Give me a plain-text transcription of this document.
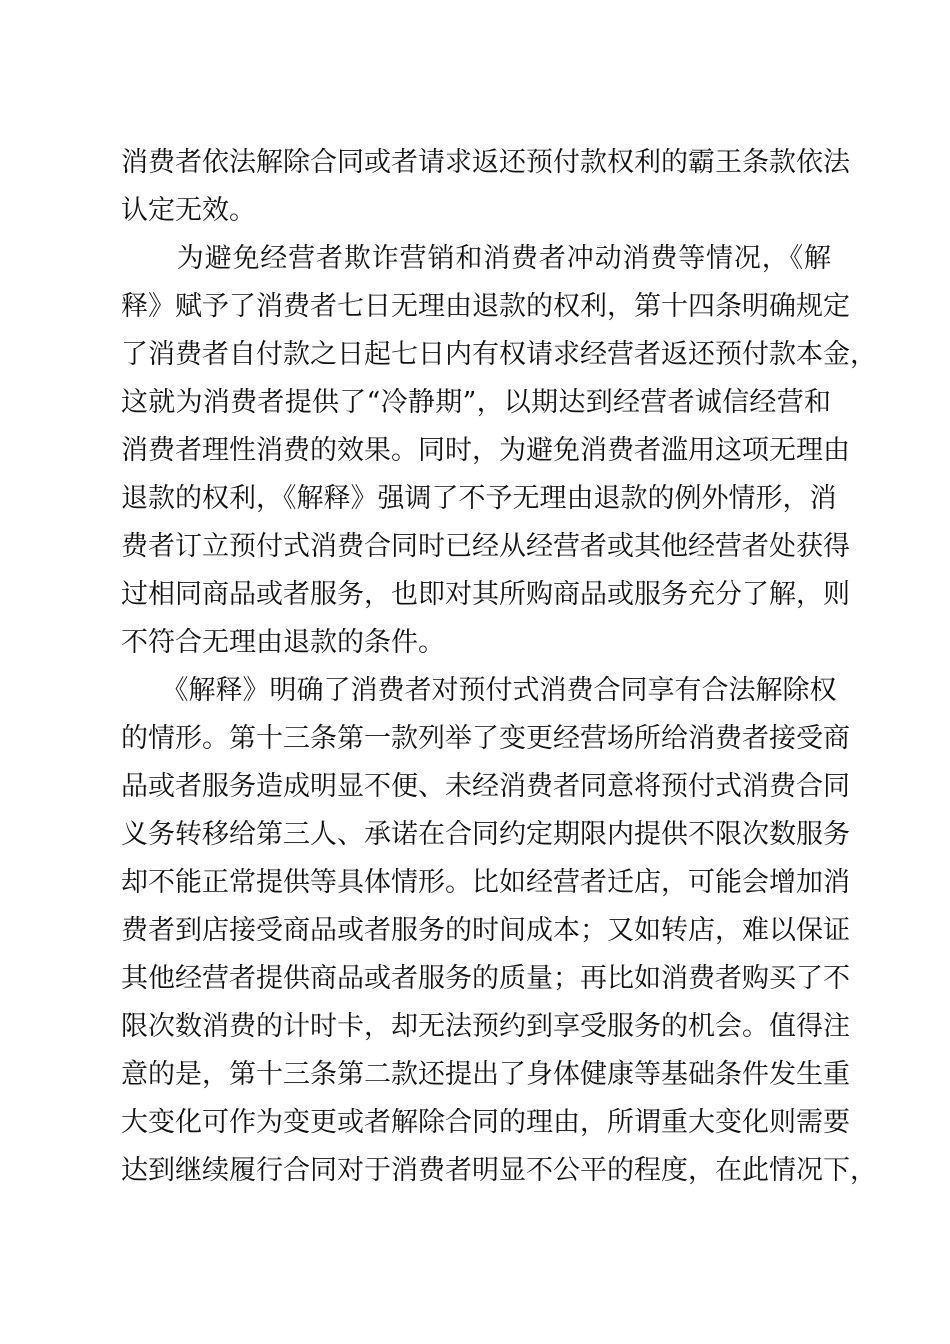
消费者依法解除合同或者请求返还预付款权利的霸王条款依法
认定无效。
　　为避免经营者欺诈营销和消费者冲动消费等情况，《解
释》赋予了消费者七日无理由退款的权利，第十四条明确规定
了消费者自付款之日起七日内有权请求经营者返还预付款本金，
这就为消费者提供了“冷静期”，以期达到经营者诚信经营和
消费者理性消费的效果。同时，为避免消费者滥用这项无理由
退款的权利，《解释》强调了不予无理由退款的例外情形，消
费者订立预付式消费合同时已经从经营者或其他经营者处获得
过相同商品或者服务，也即对其所购商品或服务充分了解，则
不符合无理由退款的条件。
　　《解释》明确了消费者对预付式消费合同享有合法解除权
的情形。第十三条第一款列举了变更经营场所给消费者接受商
品或者服务造成明显不便、未经消费者同意将预付式消费合同
义务转移给第三人、承诺在合同约定期限内提供不限次数服务
却不能正常提供等具体情形。比如经营者迁店，可能会增加消
费者到店接受商品或者服务的时间成本；又如转店，难以保证
其他经营者提供商品或者服务的质量；再比如消费者购买了不
限次数消费的计时卡，却无法预约到享受服务的机会。值得注
意的是，第十三条第二款还提出了身体健康等基础条件发生重
大变化可作为变更或者解除合同的理由，所谓重大变化则需要
达到继续履行合同对于消费者明显不公平的程度，在此情况下，
